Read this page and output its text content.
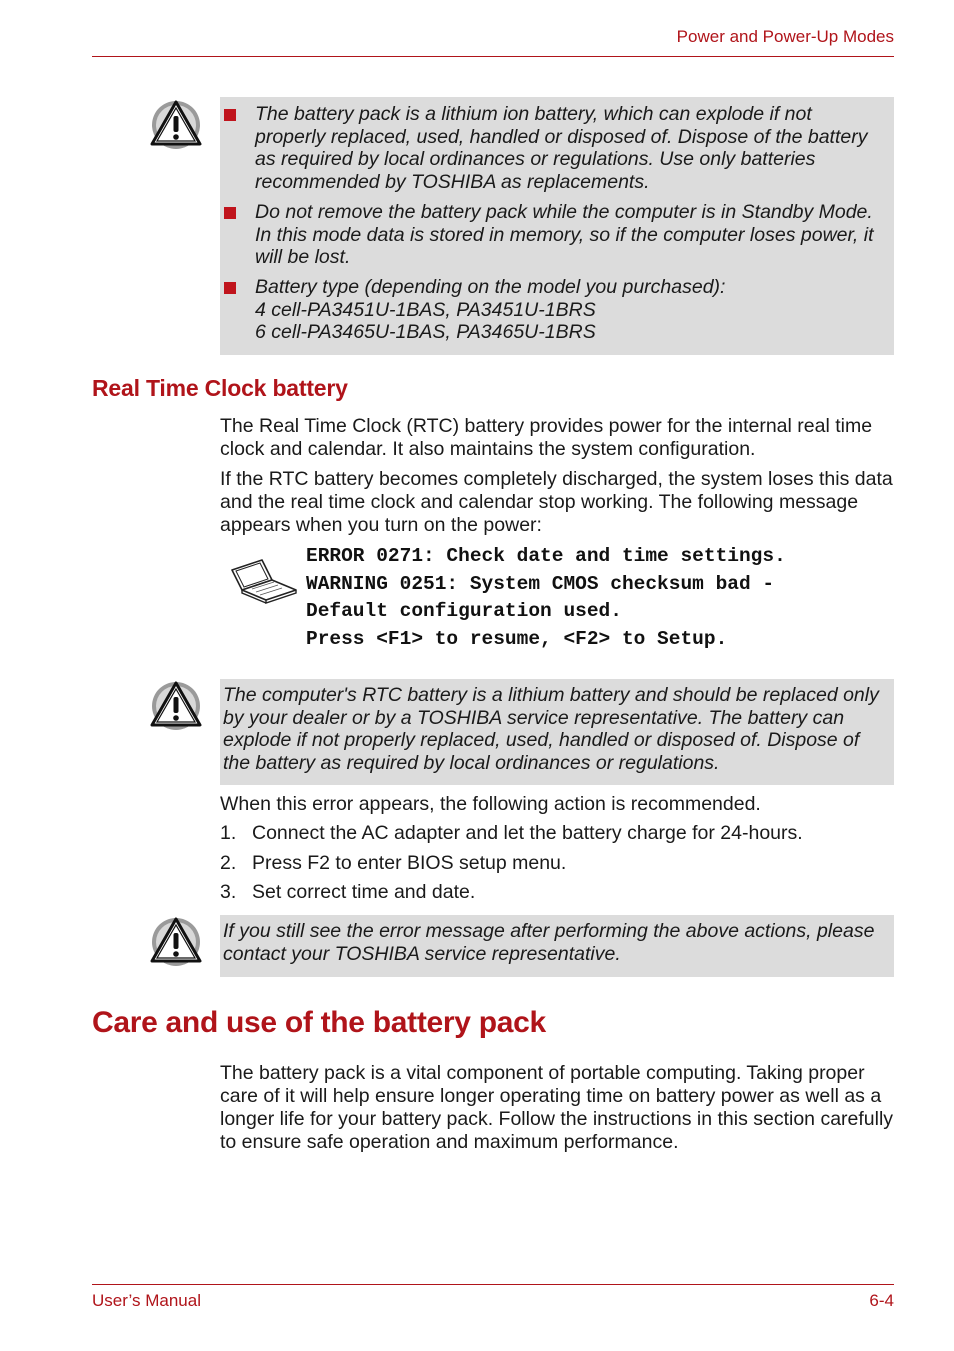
Power and Power-Up Modes
The battery pack is a lithium ion battery, which can explode if not properly replaced, used, handled or disposed of. Dispose of the battery as required by local ordinances or regulations. Use only batteries recommended by TOSHIBA as replacements.
Do not remove the battery pack while the computer is in Standby Mode. In this mode data is stored in memory, so if the computer loses power, it will be lost.
Battery type (depending on the model you purchased):
4 cell-PA3451U-1BAS, PA3451U-1BRS
6 cell-PA3465U-1BAS, PA3465U-1BRS
Real Time Clock battery
The Real Time Clock (RTC) battery provides power for the internal real time clock and calendar. It also maintains the system configuration.
If the RTC battery becomes completely discharged, the system loses this data and the real time clock and calendar stop working. The following message appears when you turn on the power:
ERROR 0271: Check date and time settings.
WARNING 0251: System CMOS checksum bad -
Default configuration used.
Press <F1> to resume, <F2> to Setup.
The computer's RTC battery is a lithium battery and should be replaced only by your dealer or by a TOSHIBA service representative. The battery can explode if not properly replaced, used, handled or disposed of. Dispose of the battery as required by local ordinances or regulations.
When this error appears, the following action is recommended.
1. Connect the AC adapter and let the battery charge for 24-hours.
2. Press F2 to enter BIOS setup menu.
3. Set correct time and date.
If you still see the error message after performing the above actions, please contact your TOSHIBA service representative.
Care and use of the battery pack
The battery pack is a vital component of portable computing. Taking proper care of it will help ensure longer operating time on battery power as well as a longer life for your battery pack. Follow the instructions in this section carefully to ensure safe operation and maximum performance.
User’s Manual	6-4
